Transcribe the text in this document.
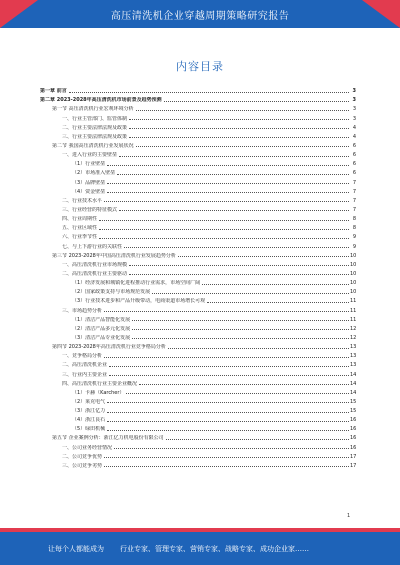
高压清洗机企业穿越周期策略研究报告
内容目录
第一章 前言	3
第二章 2023-2028年高压清洗机市场前景及趋势预测	3
第一节 高压清洗机行业宏观环境分析	3
一、行业主管部门、监管体制	3
二、行业主要法律法规及政策	4
三、行业主要法律法规及政策	4
第二节 我国高压清洗机行业发展状况	6
一、进入行业的主要壁垒	6
（1）行业壁垒	6
（2）市场准入壁垒	6
（3）品牌壁垒	7
（4）资金壁垒	7
二、行业技术水平	7
三、行业经营的特征模式	7
四、行业周期性	8
五、行业区域性	8
六、行业季节性	9
七、与上下游行业的关联性	9
第三节 2023-2028年中国高压清洗机行业发展趋势分析	10
一、高压清洗机行业市场规模	10
二、高压清洗机行业主要驱动	10
（1）经济发展和城镇化进程推动行业需求，市场空间广阔	10
（2）国家政策支持与市场规范发展	10
（3）行业技术进步和产品升级带动，电商渠道市场增长可观	11
三、市场趋势分析	11
（1）清洁产品智能化发展	11
（2）清洁产品多元化发展	12
（3）清洁产品专业化发展	12
第四节 2023-2028年高压清洗机行业竞争格局分析	13
一、竞争格局分析	13
二、高压清洗机企业	13
三、行业内主要企业	14
四、高压清洗机行业主要企业概况	14
（1）卡赫（Karcher）	14
（2）莱克电气	15
（3）浙江亿力	15
（4）浙江良石	16
（5）绿田机械	16
第五节 企业案例分析：浙江亿力机电股份有限公司	16
一、公司业务经营情况	16
二、公司竞争优势	17
三、公司竞争劣势	17
1
让每个人都能成为 行业专家、管理专家、营销专家、战略专家、成功企业家……
